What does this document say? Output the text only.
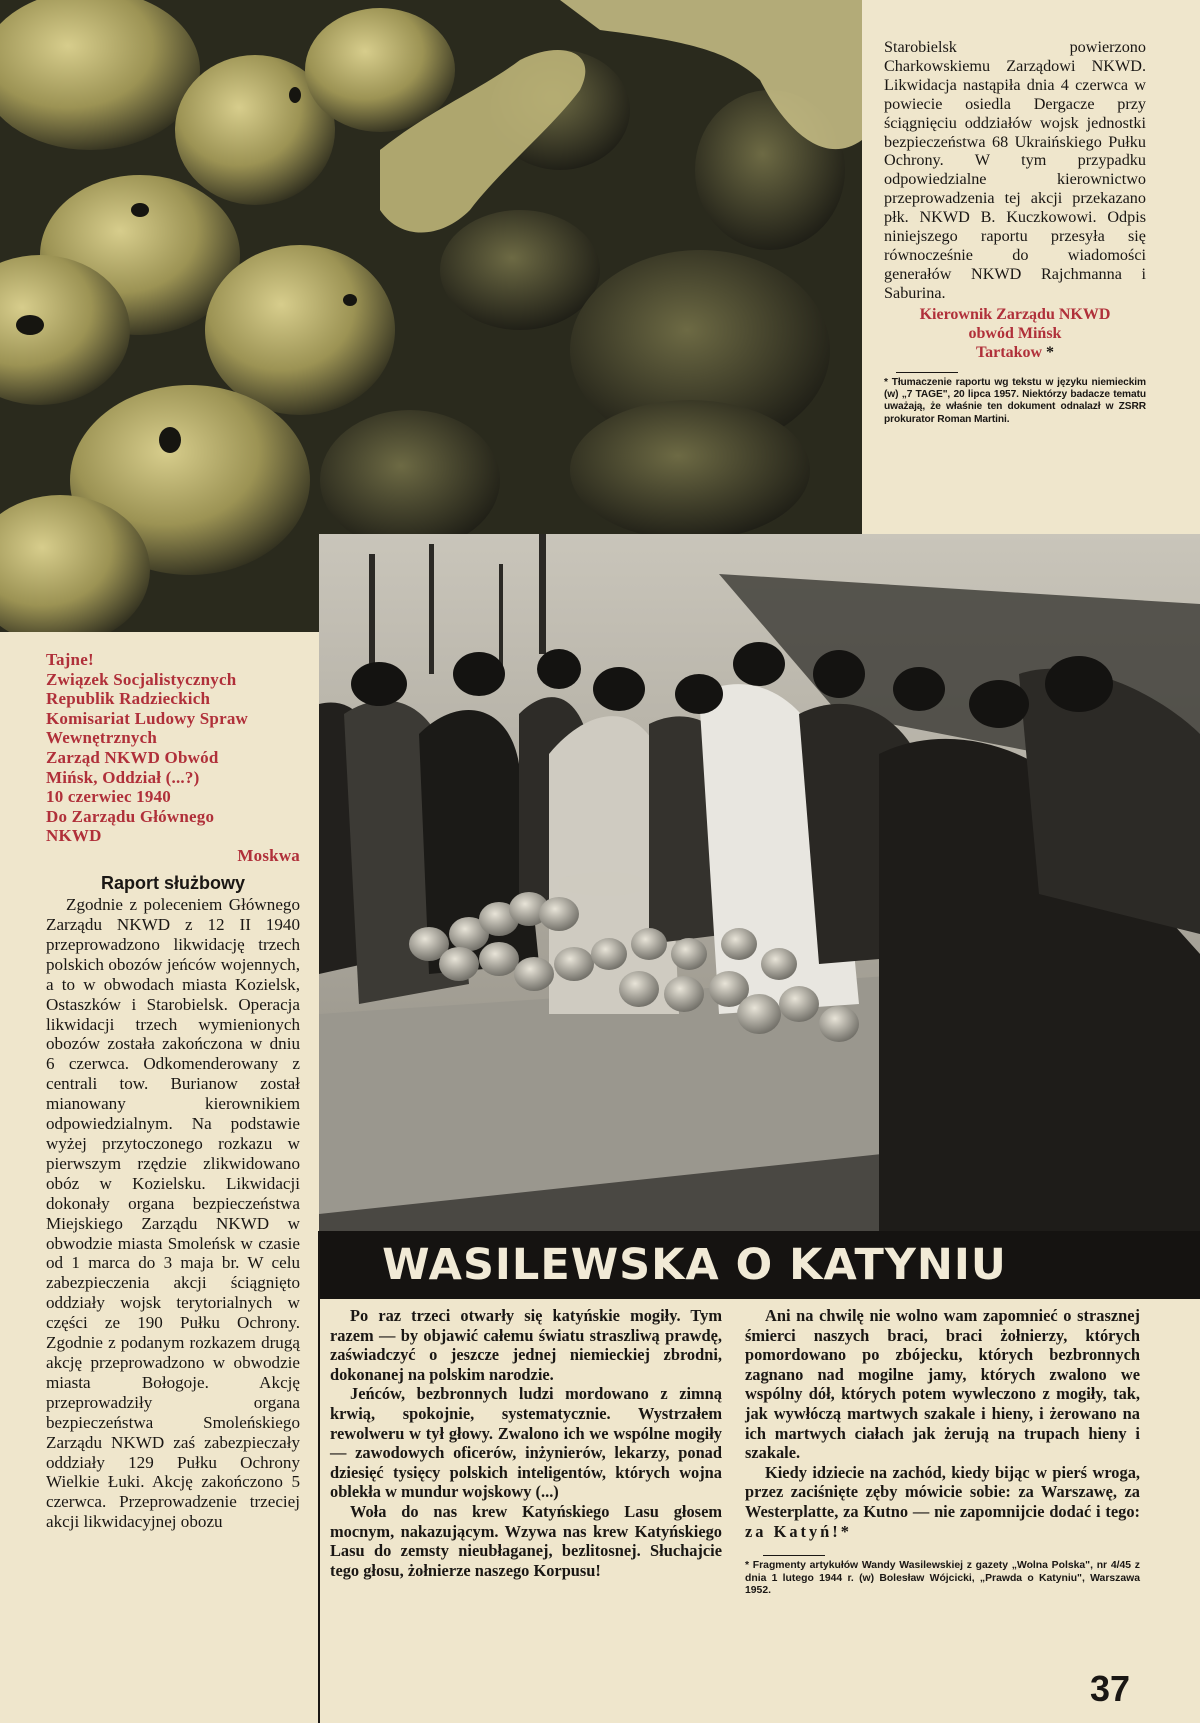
Starobielsk powierzono Charkowskiemu Zarządowi NKWD. Likwidacja nastąpiła dnia 4 czerwca w powiecie osiedla Dergacze przy ściągnięciu oddziałów wojsk jednostki bezpieczeństwa 68 Ukraińskiego Pułku Ochrony. W tym przypadku odpowiedzialne kierownictwo przeprowadzenia tej akcji przekazano płk. NKWD B. Kuczkowowi. Odpis niniejszego raportu przesyła się równocześnie do wiadomości generałów NKWD Rajchmanna i Saburina.
Kierownik Zarządu NKWD
obwód Mińsk
Tartakow *
* Tłumaczenie raportu wg tekstu w języku niemieckim (w) „7 TAGE", 20 lipca 1957. Niektórzy badacze tematu uważają, że właśnie ten dokument odnalazł w ZSRR prokurator Roman Martini.
Tajne!
Związek Socjalistycznych
Republik Radzieckich
Komisariat Ludowy Spraw
Wewnętrznych
Zarząd NKWD Obwód
Mińsk, Oddział (...?)
10 czerwiec 1940
Do Zarządu Głównego
NKWD
Moskwa
Raport służbowy

Zgodnie z poleceniem Głównego Zarządu NKWD z 12 II 1940 przeprowadzono likwidację trzech polskich obozów jeńców wojennych, a to w obwodach miasta Kozielsk, Ostaszków i Starobielsk. Operacja likwidacji trzech wymienionych obozów została zakończona w dniu 6 czerwca. Odkomenderowany z centrali tow. Burianow został mianowany kierownikiem odpowiedzialnym. Na podstawie wyżej przytoczonego rozkazu w pierwszym rzędzie zlikwidowano obóz w Kozielsku. Likwidacji dokonały organa bezpieczeństwa Miejskiego Zarządu NKWD w obwodzie miasta Smoleńsk w czasie od 1 marca do 3 maja br. W celu zabezpieczenia akcji ściągnięto oddziały wojsk terytorialnych w części ze 190 Pułku Ochrony. Zgodnie z podanym rozkazem drugą akcję przeprowadzono w obwodzie miasta Bołogoje. Akcję przeprowadziły organa bezpieczeństwa Smoleńskiego Zarządu NKWD zaś zabezpieczały oddziały 129 Pułku Ochrony Wielkie Łuki. Akcję zakończono 5 czerwca. Przeprowadzenie trzeciej akcji likwidacyjnej obozu

WASILEWSKA O KATYNIU

Po raz trzeci otwarły się katyńskie mogiły. Tym razem — by objawić całemu światu straszliwą prawdę, zaświadczyć o jeszcze jednej niemieckiej zbrodni, dokonanej na polskim narodzie.

Jeńców, bezbronnych ludzi mordowano z zimną krwią, spokojnie, systematycznie. Wystrzałem rewolweru w tył głowy. Zwalono ich we wspólne mogiły — zawodowych oficerów, inżynierów, lekarzy, ponad dziesięć tysięcy polskich inteligentów, których wojna oblekła w mundur wojskowy (...)

Woła do nas krew Katyńskiego Lasu głosem mocnym, nakazującym. Wzywa nas krew Katyńskiego Lasu do zemsty nieubłaganej, bezlitosnej. Słuchajcie tego głosu, żołnierze naszego Korpusu!

Ani na chwilę nie wolno wam zapomnieć o strasznej śmierci naszych braci, braci żołnierzy, których pomordowano po zbójecku, których bezbronnych zagnano nad mogilne jamy, których zwalono we wspólny dół, których potem wywleczono z mogiły, tak, jak wywłóczą martwych szakale i hieny, i żerowano na ich martwych ciałach jak żerują na trupach hieny i szakale.

Kiedy idziecie na zachód, kiedy bijąc w pierś wroga, przez zaciśnięte zęby mówicie sobie: za Warszawę, za Westerplatte, za Kutno — nie zapomnijcie dodać i tego: za Katyń!*

* Fragmenty artykułów Wandy Wasilewskiej z gazety „Wolna Polska", nr 4/45 z dnia 1 lutego 1944 r. (w) Bolesław Wójcicki, „Prawda o Katyniu", Warszawa 1952.
37
